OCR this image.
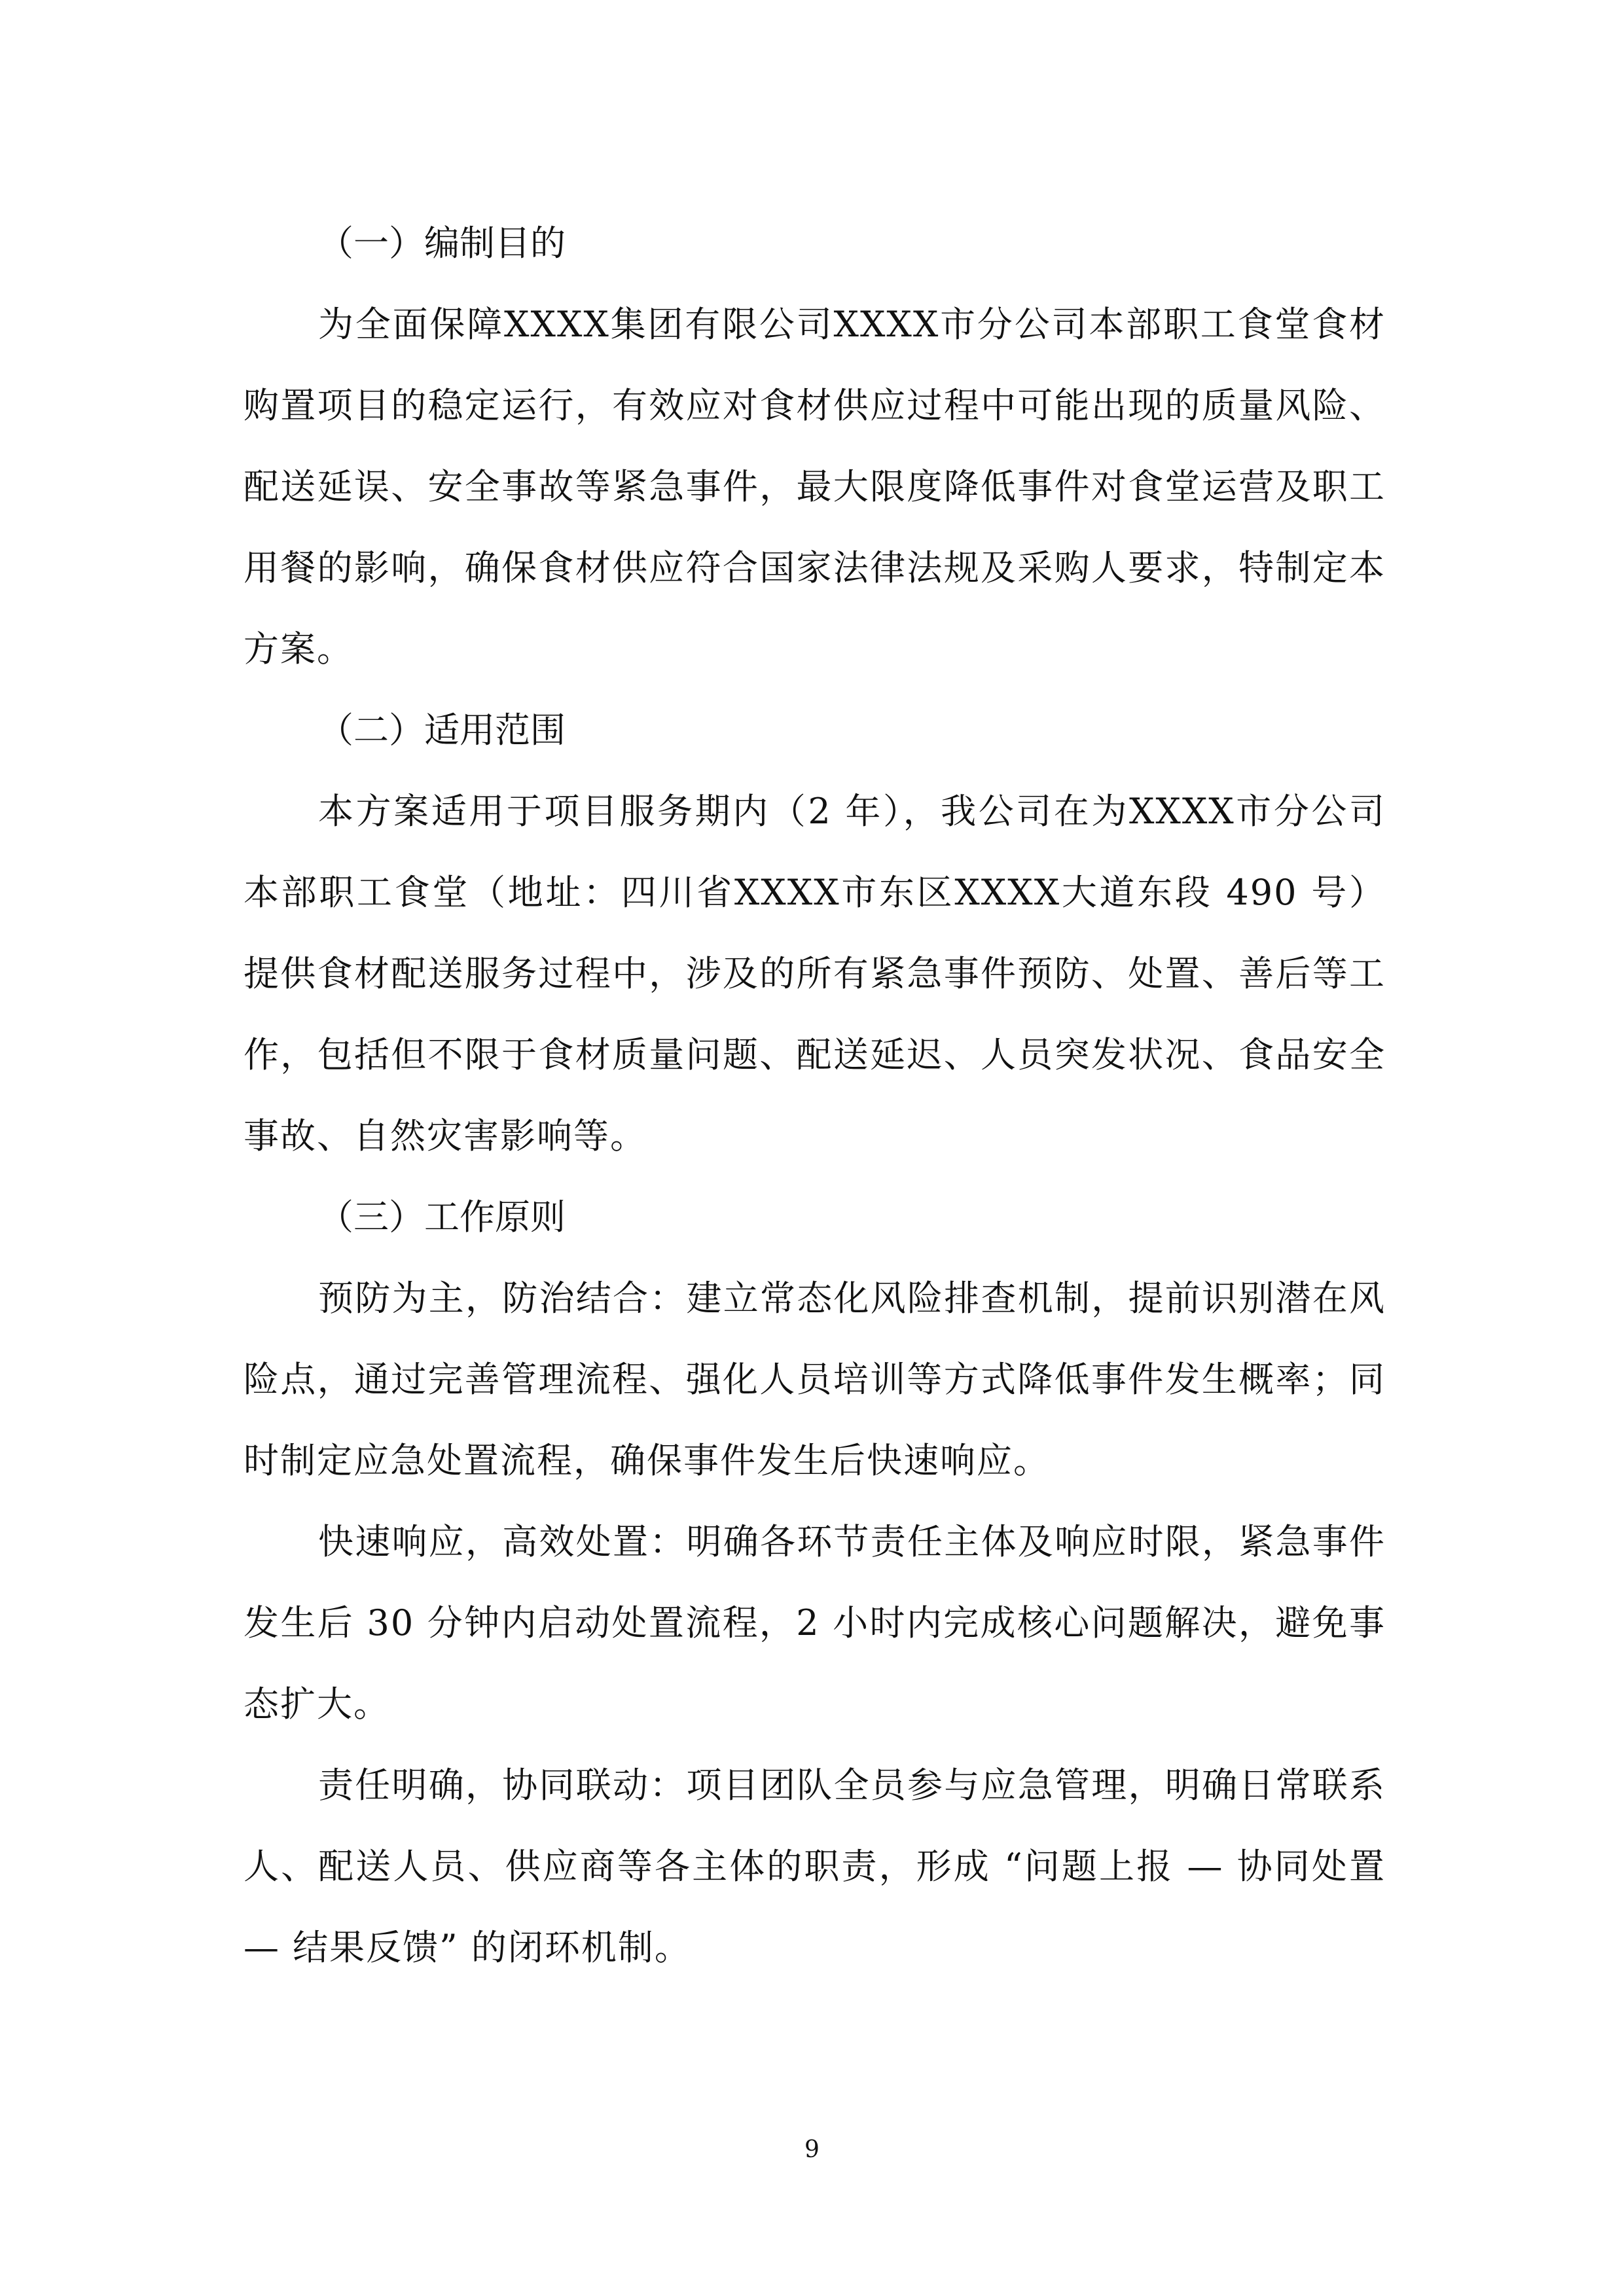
（一）编制目的

为全面保障XXXX集团有限公司XXXX市分公司本部职工食堂食材购置项目的稳定运行，有效应对食材供应过程中可能出现的质量风险、配送延误、安全事故等紧急事件，最大限度降低事件对食堂运营及职工用餐的影响，确保食材供应符合国家法律法规及采购人要求，特制定本方案。

（二）适用范围

本方案适用于项目服务期内（2 年），我公司在为XXXX市分公司本部职工食堂（地址：四川省XXXX市东区XXXX大道东段 490 号）提供食材配送服务过程中，涉及的所有紧急事件预防、处置、善后等工作，包括但不限于食材质量问题、配送延迟、人员突发状况、食品安全事故、自然灾害影响等。

（三）工作原则

预防为主，防治结合：建立常态化风险排查机制，提前识别潜在风险点，通过完善管理流程、强化人员培训等方式降低事件发生概率；同时制定应急处置流程，确保事件发生后快速响应。

快速响应，高效处置：明确各环节责任主体及响应时限，紧急事件发生后 30 分钟内启动处置流程，2 小时内完成核心问题解决，避免事态扩大。

责任明确，协同联动：项目团队全员参与应急管理，明确日常联系人、配送人员、供应商等各主体的职责，形成 “问题上报 — 协同处置 — 结果反馈” 的闭环机制。

9
